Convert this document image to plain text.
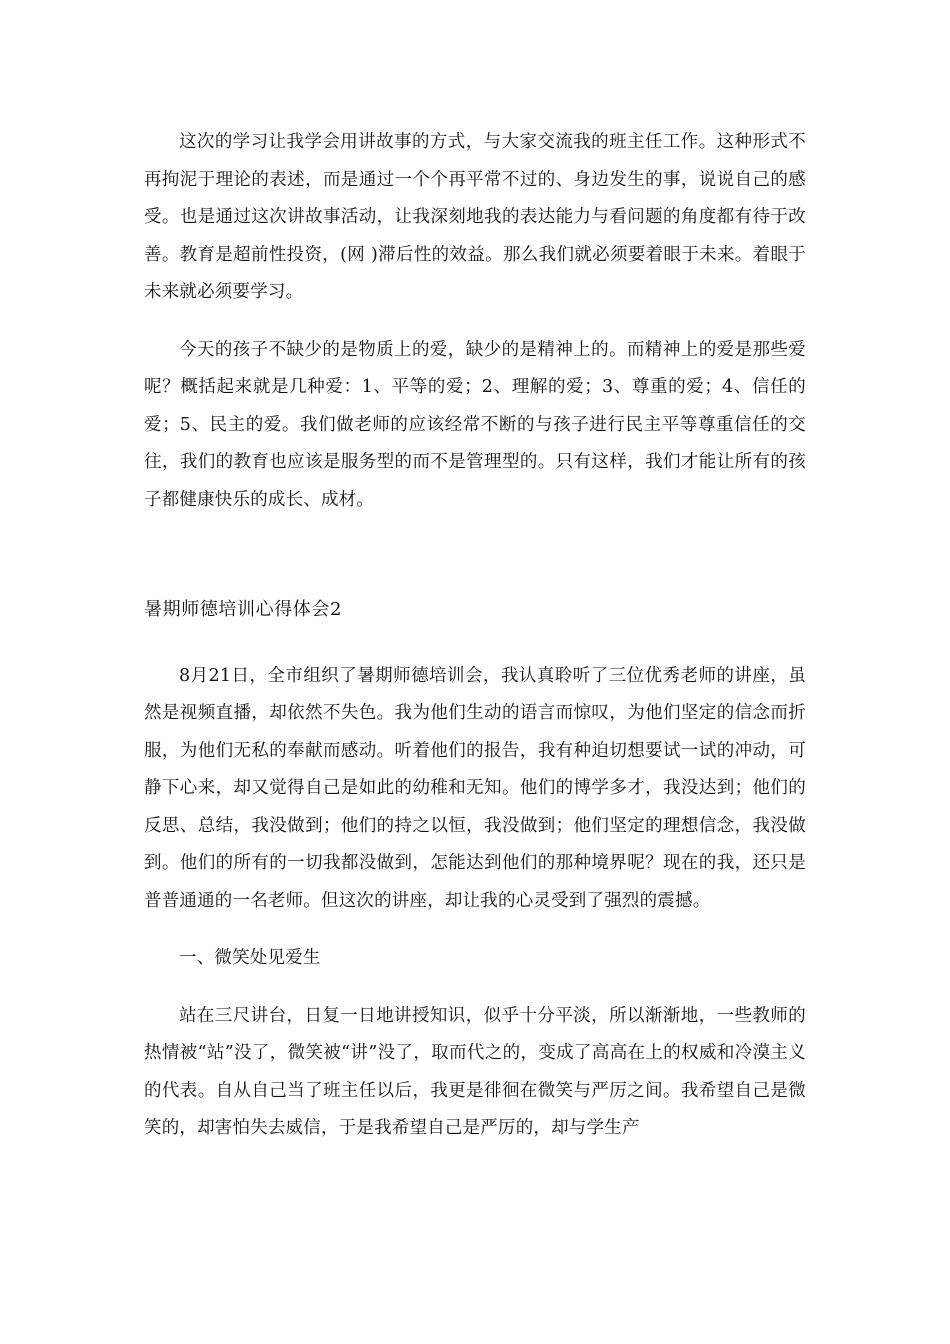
这次的学习让我学会用讲故事的方式，与大家交流我的班主任工作。这种形式不再拘泥于理论的表述，而是通过一个个再平常不过的、身边发生的事，说说自己的感受。也是通过这次讲故事活动，让我深刻地我的表达能力与看问题的角度都有待于改善。教育是超前性投资，(网 )滞后性的效益。那么我们就必须要着眼于未来。着眼于未来就必须要学习。

今天的孩子不缺少的是物质上的爱，缺少的是精神上的。而精神上的爱是那些爱呢？概括起来就是几种爱：1、平等的爱；2、理解的爱；3、尊重的爱；4、信任的爱；5、民主的爱。我们做老师的应该经常不断的与孩子进行民主平等尊重信任的交往，我们的教育也应该是服务型的而不是管理型的。只有这样，我们才能让所有的孩子都健康快乐的成长、成材。

暑期师德培训心得体会2

8月21日，全市组织了暑期师德培训会，我认真聆听了三位优秀老师的讲座，虽然是视频直播，却依然不失色。我为他们生动的语言而惊叹，为他们坚定的信念而折服，为他们无私的奉献而感动。听着他们的报告，我有种迫切想要试一试的冲动，可静下心来，却又觉得自己是如此的幼稚和无知。他们的博学多才，我没达到；他们的反思、总结，我没做到；他们的持之以恒，我没做到；他们坚定的理想信念，我没做到。他们的所有的一切我都没做到，怎能达到他们的那种境界呢？现在的我，还只是普普通通的一名老师。但这次的讲座，却让我的心灵受到了强烈的震撼。

一、微笑处见爱生

站在三尺讲台，日复一日地讲授知识，似乎十分平淡，所以渐渐地，一些教师的热情被“站”没了，微笑被“讲”没了，取而代之的，变成了高高在上的权威和冷漠主义的代表。自从自己当了班主任以后，我更是徘徊在微笑与严厉之间。我希望自己是微笑的，却害怕失去威信，于是我希望自己是严厉的，却与学生产
